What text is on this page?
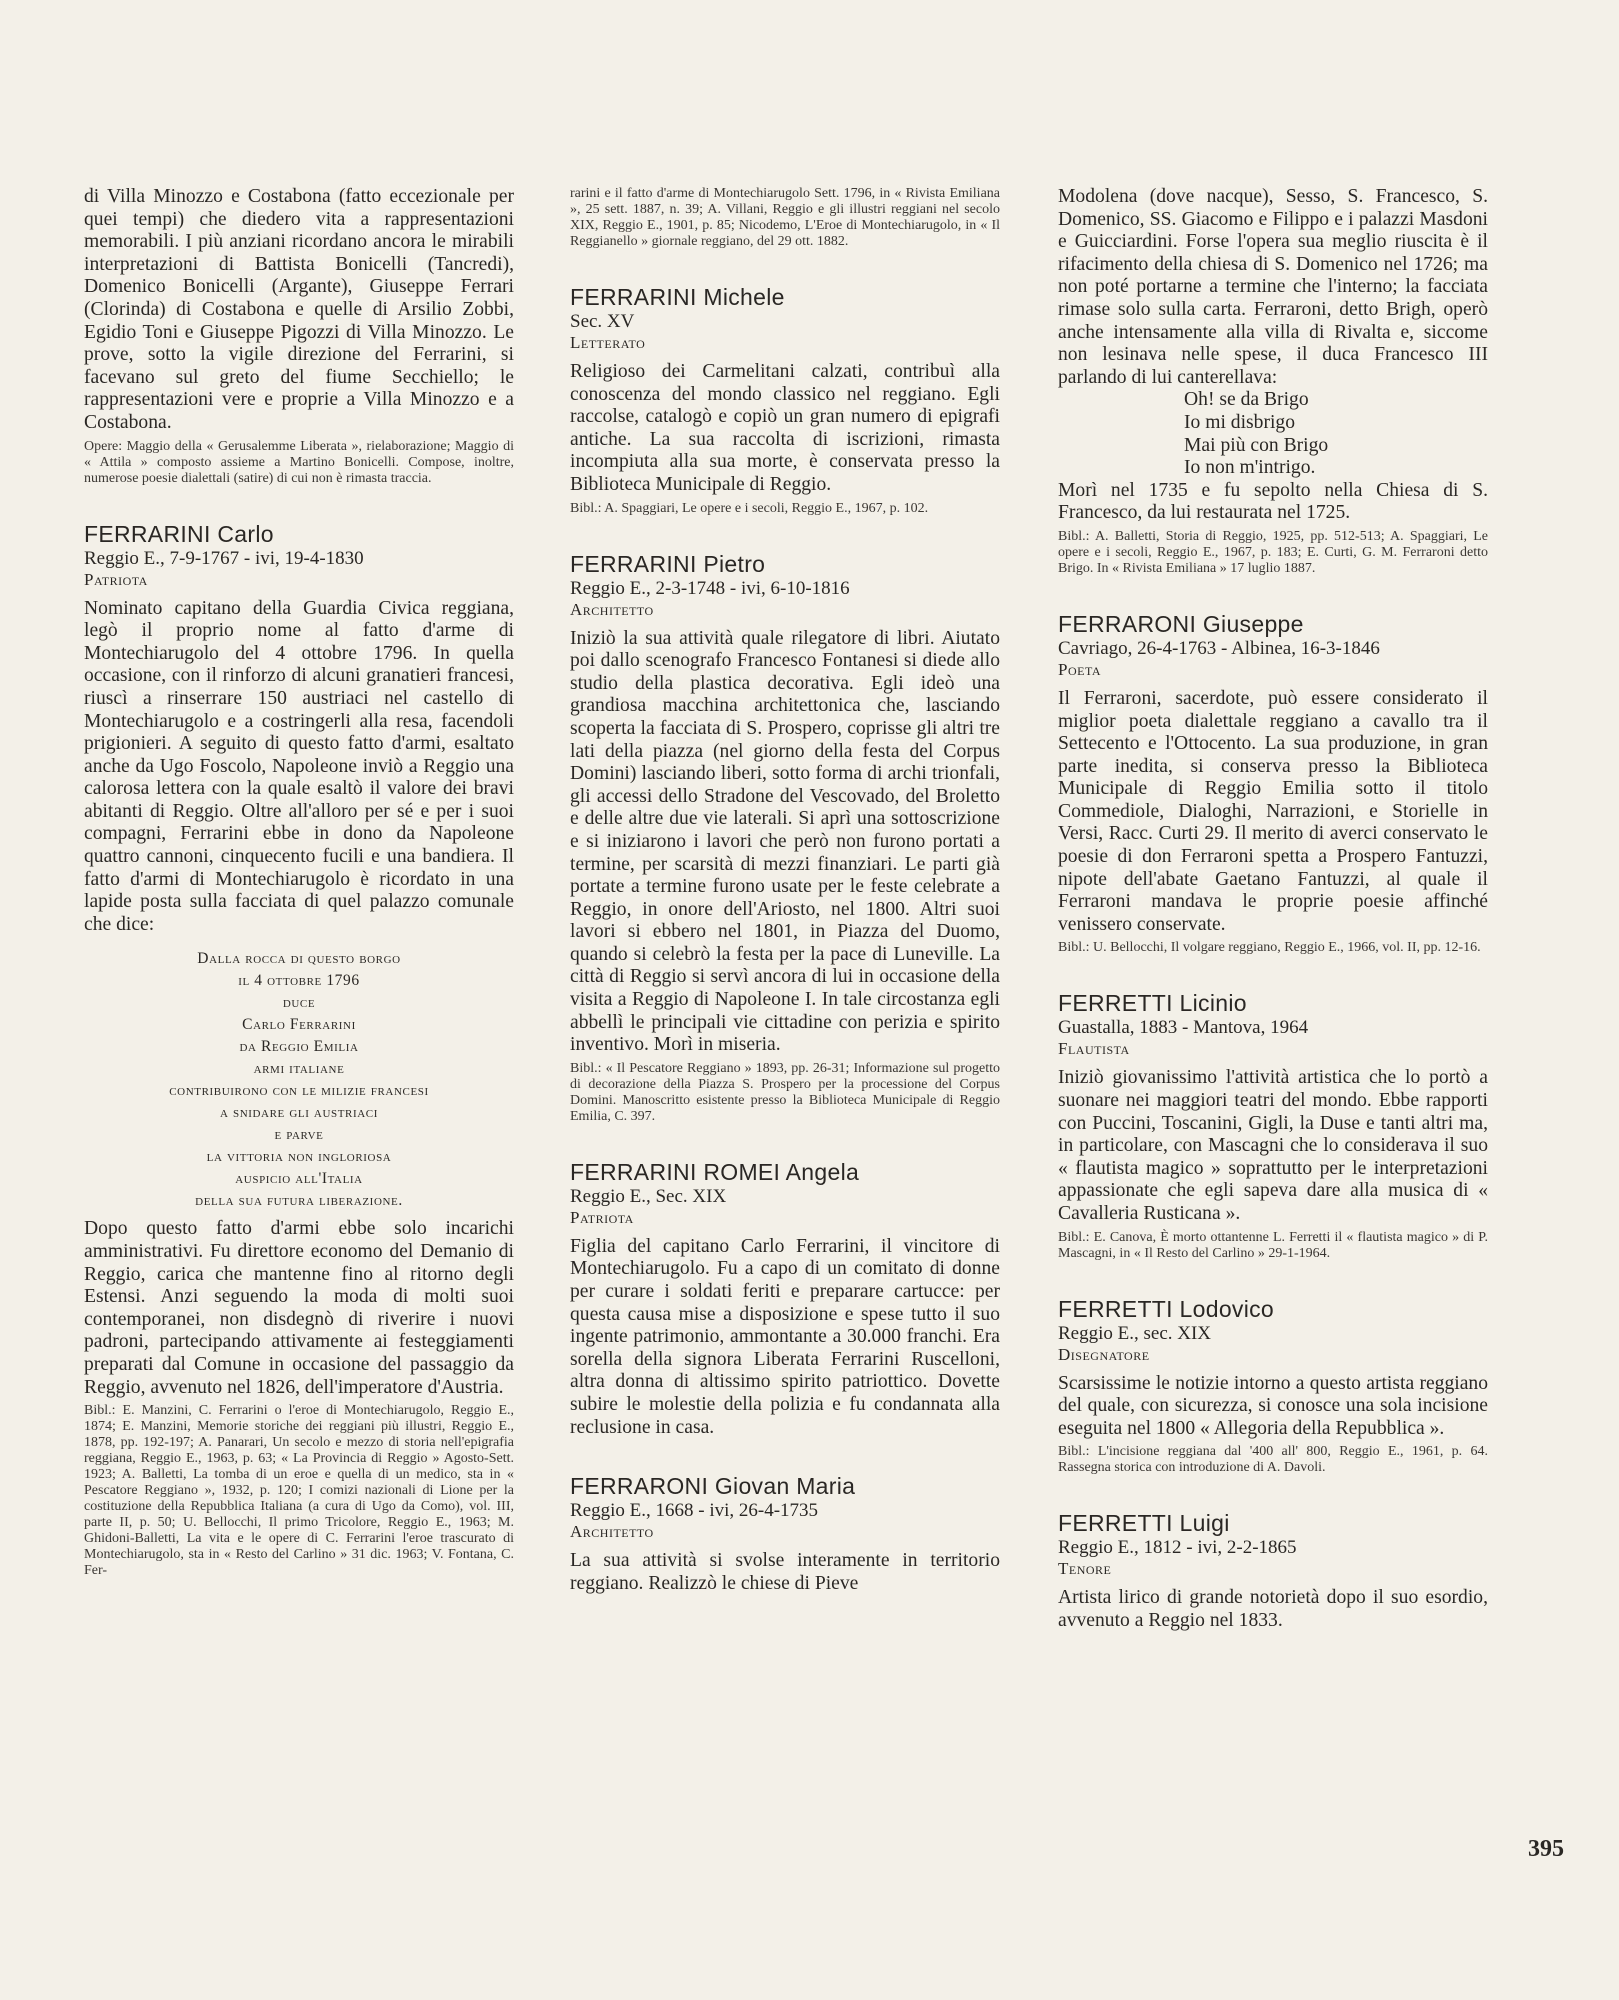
di Villa Minozzo e Costabona (fatto eccezionale per quei tempi) che diedero vita a rappresentazioni memorabili. I più anziani ricordano ancora le mirabili interpretazioni di Battista Bonicelli (Tancredi), Domenico Bonicelli (Argante), Giuseppe Ferrari (Clorinda) di Costabona e quelle di Arsilio Zobbi, Egidio Toni e Giuseppe Pigozzi di Villa Minozzo. Le prove, sotto la vigile direzione del Ferrarini, si facevano sul greto del fiume Secchiello; le rappresentazioni vere e proprie a Villa Minozzo e a Costabona.

Opere: Maggio della « Gerusalemme Liberata », rielaborazione; Maggio di « Attila » composto assieme a Martino Bonicelli. Compose, inoltre, numerose poesie dialettali (satire) di cui non è rimasta traccia.

FERRARINI Carlo
Reggio E., 7-9-1767 - ivi, 19-4-1830
Patriota

Nominato capitano della Guardia Civica reggiana, legò il proprio nome al fatto d'arme di Montechiarugolo del 4 ottobre 1796. In quella occasione, con il rinforzo di alcuni granatieri francesi, riuscì a rinserrare 150 austriaci nel castello di Montechiarugolo e a costringerli alla resa, facendoli prigionieri. A seguito di questo fatto d'armi, esaltato anche da Ugo Foscolo, Napoleone inviò a Reggio una calorosa lettera con la quale esaltò il valore dei bravi abitanti di Reggio. Oltre all'alloro per sé e per i suoi compagni, Ferrarini ebbe in dono da Napoleone quattro cannoni, cinquecento fucili e una bandiera. Il fatto d'armi di Montechiarugolo è ricordato in una lapide posta sulla facciata di quel palazzo comunale che dice:

Dalla rocca di questo borgo
il 4 ottobre 1796
duce
Carlo Ferrarini
da Reggio Emilia
armi italiane
contribuirono con le milizie francesi
a snidare gli austriaci
e parve
la vittoria non ingloriosa
auspicio all'Italia
della sua futura liberazione.

Dopo questo fatto d'armi ebbe solo incarichi amministrativi. Fu direttore economo del Demanio di Reggio, carica che mantenne fino al ritorno degli Estensi. Anzi seguendo la moda di molti suoi contemporanei, non disdegnò di riverire i nuovi padroni, partecipando attivamente ai festeggiamenti preparati dal Comune in occasione del passaggio da Reggio, avvenuto nel 1826, dell'imperatore d'Austria.

Bibl.: E. Manzini, C. Ferrarini o l'eroe di Montechiarugolo, Reggio E., 1874; E. Manzini, Memorie storiche dei reggiani più illustri, Reggio E., 1878, pp. 192-197; A. Panarari, Un secolo e mezzo di storia nell'epigrafia reggiana, Reggio E., 1963, p. 63; « La Provincia di Reggio » Agosto-Sett. 1923; A. Balletti, La tomba di un eroe e quella di un medico, sta in « Pescatore Reggiano », 1932, p. 120; I comizi nazionali di Lione per la costituzione della Repubblica Italiana (a cura di Ugo da Como), vol. III, parte II, p. 50; U. Bellocchi, Il primo Tricolore, Reggio E., 1963; M. Ghidoni-Balletti, La vita e le opere di C. Ferrarini l'eroe trascurato di Montechiarugolo, sta in « Resto del Carlino » 31 dic. 1963; V. Fontana, C. Fer-

rarini e il fatto d'arme di Montechiarugolo Sett. 1796, in « Rivista Emiliana », 25 sett. 1887, n. 39; A. Villani, Reggio e gli illustri reggiani nel secolo XIX, Reggio E., 1901, p. 85; Nicodemo, L'Eroe di Montechiarugolo, in « Il Reggianello » giornale reggiano, del 29 ott. 1882.

FERRARINI Michele
Sec. XV
Letterato

Religioso dei Carmelitani calzati, contribuì alla conoscenza del mondo classico nel reggiano. Egli raccolse, catalogò e copiò un gran numero di epigrafi antiche. La sua raccolta di iscrizioni, rimasta incompiuta alla sua morte, è conservata presso la Biblioteca Municipale di Reggio.

Bibl.: A. Spaggiari, Le opere e i secoli, Reggio E., 1967, p. 102.

FERRARINI Pietro
Reggio E., 2-3-1748 - ivi, 6-10-1816
Architetto

Iniziò la sua attività quale rilegatore di libri. Aiutato poi dallo scenografo Francesco Fontanesi si diede allo studio della plastica decorativa. Egli ideò una grandiosa macchina architettonica che, lasciando scoperta la facciata di S. Prospero, coprisse gli altri tre lati della piazza (nel giorno della festa del Corpus Domini) lasciando liberi, sotto forma di archi trionfali, gli accessi dello Stradone del Vescovado, del Broletto e delle altre due vie laterali. Si aprì una sottoscrizione e si iniziarono i lavori che però non furono portati a termine, per scarsità di mezzi finanziari. Le parti già portate a termine furono usate per le feste celebrate a Reggio, in onore dell'Ariosto, nel 1800. Altri suoi lavori si ebbero nel 1801, in Piazza del Duomo, quando si celebrò la festa per la pace di Luneville. La città di Reggio si servì ancora di lui in occasione della visita a Reggio di Napoleone I. In tale circostanza egli abbellì le principali vie cittadine con perizia e spirito inventivo. Morì in miseria.

Bibl.: « Il Pescatore Reggiano » 1893, pp. 26-31; Informazione sul progetto di decorazione della Piazza S. Prospero per la processione del Corpus Domini. Manoscritto esistente presso la Biblioteca Municipale di Reggio Emilia, C. 397.

FERRARINI ROMEI Angela
Reggio E., Sec. XIX
Patriota

Figlia del capitano Carlo Ferrarini, il vincitore di Montechiarugolo. Fu a capo di un comitato di donne per curare i soldati feriti e preparare cartucce: per questa causa mise a disposizione e spese tutto il suo ingente patrimonio, ammontante a 30.000 franchi. Era sorella della signora Liberata Ferrarini Ruscelloni, altra donna di altissimo spirito patriottico. Dovette subire le molestie della polizia e fu condannata alla reclusione in casa.

FERRARONI Giovan Maria
Reggio E., 1668 - ivi, 26-4-1735
Architetto

La sua attività si svolse interamente in territorio reggiano. Realizzò le chiese di Pieve

Modolena (dove nacque), Sesso, S. Francesco, S. Domenico, SS. Giacomo e Filippo e i palazzi Masdoni e Guicciardini. Forse l'opera sua meglio riuscita è il rifacimento della chiesa di S. Domenico nel 1726; ma non poté portarne a termine che l'interno; la facciata rimase solo sulla carta. Ferraroni, detto Brigh, operò anche intensamente alla villa di Rivalta e, siccome non lesinava nelle spese, il duca Francesco III parlando di lui canterellava:

Oh! se da Brigo
Io mi disbrigo
Mai più con Brigo
Io non m'intrigo.

Morì nel 1735 e fu sepolto nella Chiesa di S. Francesco, da lui restaurata nel 1725.

Bibl.: A. Balletti, Storia di Reggio, 1925, pp. 512-513; A. Spaggiari, Le opere e i secoli, Reggio E., 1967, p. 183; E. Curti, G. M. Ferraroni detto Brigo. In « Rivista Emiliana » 17 luglio 1887.

FERRARONI Giuseppe
Cavriago, 26-4-1763 - Albinea, 16-3-1846
Poeta

Il Ferraroni, sacerdote, può essere considerato il miglior poeta dialettale reggiano a cavallo tra il Settecento e l'Ottocento. La sua produzione, in gran parte inedita, si conserva presso la Biblioteca Municipale di Reggio Emilia sotto il titolo Commediole, Dialoghi, Narrazioni, e Storielle in Versi, Racc. Curti 29. Il merito di averci conservato le poesie di don Ferraroni spetta a Prospero Fantuzzi, nipote dell'abate Gaetano Fantuzzi, al quale il Ferraroni mandava le proprie poesie affinché venissero conservate.

Bibl.: U. Bellocchi, Il volgare reggiano, Reggio E., 1966, vol. II, pp. 12-16.

FERRETTI Licinio
Guastalla, 1883 - Mantova, 1964
Flautista

Iniziò giovanissimo l'attività artistica che lo portò a suonare nei maggiori teatri del mondo. Ebbe rapporti con Puccini, Toscanini, Gigli, la Duse e tanti altri ma, in particolare, con Mascagni che lo considerava il suo « flautista magico » soprattutto per le interpretazioni appassionate che egli sapeva dare alla musica di « Cavalleria Rusticana ».

Bibl.: E. Canova, È morto ottantenne L. Ferretti il « flautista magico » di P. Mascagni, in « Il Resto del Carlino » 29-1-1964.

FERRETTI Lodovico
Reggio E., sec. XIX
Disegnatore

Scarsissime le notizie intorno a questo artista reggiano del quale, con sicurezza, si conosce una sola incisione eseguita nel 1800 « Allegoria della Repubblica ».

Bibl.: L'incisione reggiana dal '400 all' 800, Reggio E., 1961, p. 64. Rassegna storica con introduzione di A. Davoli.

FERRETTI Luigi
Reggio E., 1812 - ivi, 2-2-1865
Tenore

Artista lirico di grande notorietà dopo il suo esordio, avvenuto a Reggio nel 1833.

395
